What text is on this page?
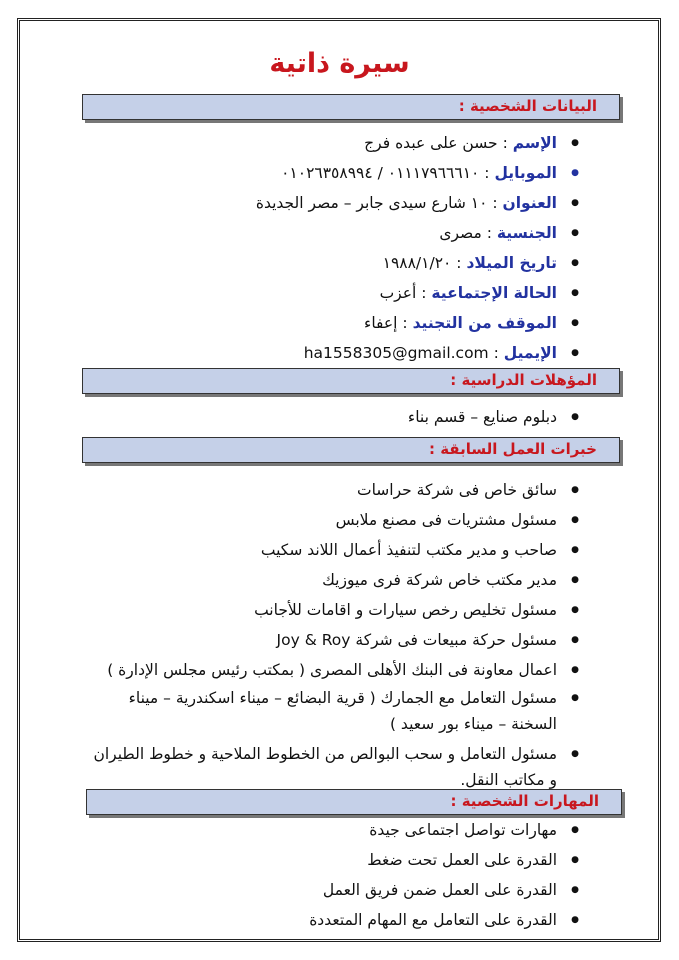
سيرة ذاتية
البيانات الشخصية :
● الإسم : حسن على عبده فرج
● الموبايل : ٠١١١٧٩٦٦٦١٠ / ٠١٠٢٦٣٥٨٩٩٤
● العنوان : ١٠ شارع سيدى جابر – مصر الجديدة
● الجنسية : مصرى
● تاريخ الميلاد : ١٩٨٨/١/٢٠
● الحالة الإجتماعية : أعزب
● الموقف من التجنيد : إعفاء
● الإيميل : ha1558305@gmail.com
المؤهلات الدراسية :
● دبلوم صنايع – قسم بناء
خبرات العمل السابقة :
● سائق خاص فى شركة حراسات
● مسئول مشتريات فى مصنع ملابس
● صاحب و مدير مكتب لتنفيذ أعمال اللاند سكيب
● مدير مكتب خاص شركة فرى ميوزيك
● مسئول تخليص رخص سيارات و اقامات للأجانب
● مسئول حركة مبيعات فى شركة Joy & Roy
● اعمال معاونة فى البنك الأهلى المصرى ( بمكتب رئيس مجلس الإدارة )
● مسئول التعامل مع الجمارك ( قرية البضائع – ميناء اسكندرية – ميناء السخنة – ميناء بور سعيد )
● مسئول التعامل و سحب البوالص من الخطوط الملاحية و خطوط الطيران و مكاتب النقل.
المهارات الشخصية :
● مهارات تواصل اجتماعى جيدة
● القدرة على العمل تحت ضغط
● القدرة على العمل ضمن فريق العمل
● القدرة على التعامل مع المهام المتعددة
